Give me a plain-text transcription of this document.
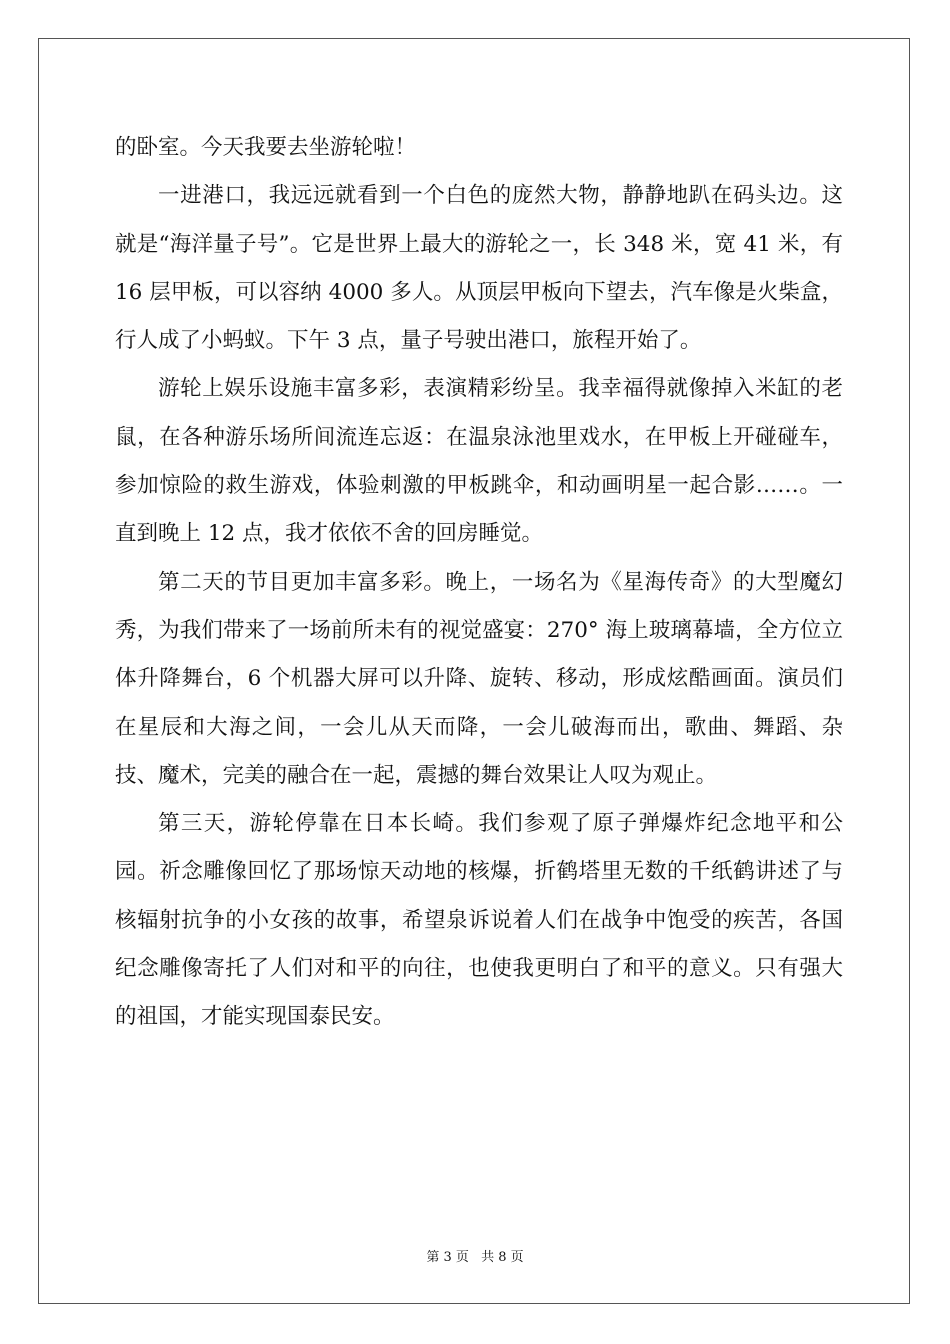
的卧室。今天我要去坐游轮啦！

一进港口，我远远就看到一个白色的庞然大物，静静地趴在码头边。这就是“海洋量子号”。它是世界上最大的游轮之一，长 348 米，宽 41 米，有 16 层甲板，可以容纳 4000 多人。从顶层甲板向下望去，汽车像是火柴盒，行人成了小蚂蚁。下午 3 点，量子号驶出港口，旅程开始了。

游轮上娱乐设施丰富多彩，表演精彩纷呈。我幸福得就像掉入米缸的老鼠，在各种游乐场所间流连忘返：在温泉泳池里戏水，在甲板上开碰碰车，参加惊险的救生游戏，体验刺激的甲板跳伞，和动画明星一起合影……。一直到晚上 12 点，我才依依不舍的回房睡觉。

第二天的节目更加丰富多彩。晚上，一场名为《星海传奇》的大型魔幻秀，为我们带来了一场前所未有的视觉盛宴：270° 海上玻璃幕墙，全方位立体升降舞台，6 个机器大屏可以升降、旋转、移动，形成炫酷画面。演员们在星辰和大海之间，一会儿从天而降，一会儿破海而出，歌曲、舞蹈、杂技、魔术，完美的融合在一起，震撼的舞台效果让人叹为观止。

第三天，游轮停靠在日本长崎。我们参观了原子弹爆炸纪念地平和公园。祈念雕像回忆了那场惊天动地的核爆，折鹤塔里无数的千纸鹤讲述了与核辐射抗争的小女孩的故事，希望泉诉说着人们在战争中饱受的疾苦，各国纪念雕像寄托了人们对和平的向往，也使我更明白了和平的意义。只有强大的祖国，才能实现国泰民安。

第 3 页 共 8 页
